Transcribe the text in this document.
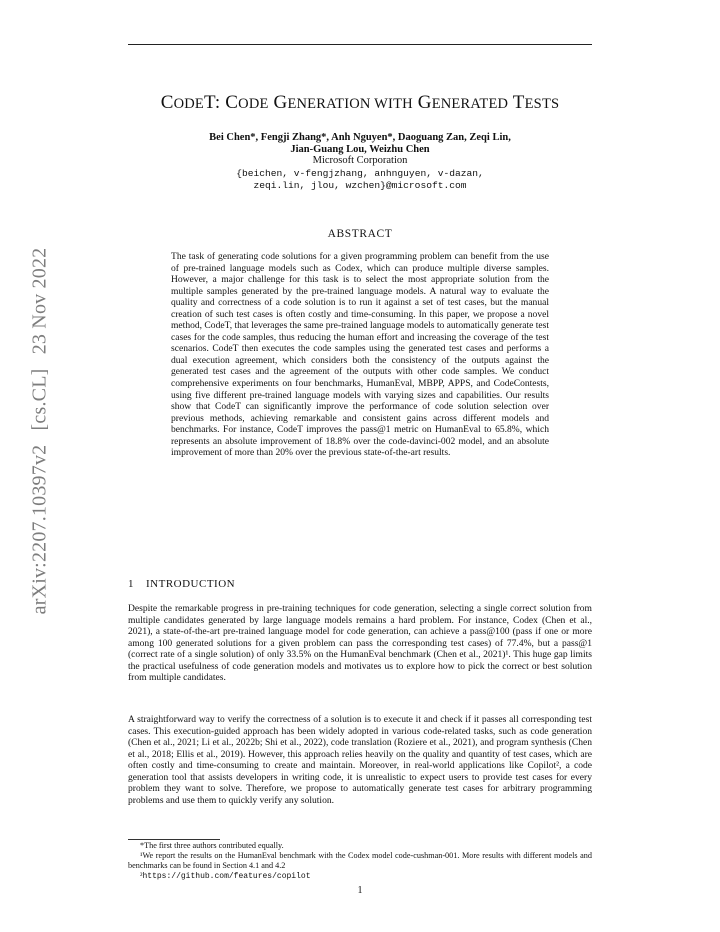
arXiv:2207.10397v2 [cs.CL] 23 Nov 2022
CODET: CODE GENERATION WITH GENERATED TESTS
Bei Chen*, Fengji Zhang*, Anh Nguyen*, Daoguang Zan, Zeqi Lin,
Jian-Guang Lou, Weizhu Chen
Microsoft Corporation
{beichen, v-fengjzhang, anhnguyen, v-dazan,
zeqi.lin, jlou, wzchen}@microsoft.com
ABSTRACT
The task of generating code solutions for a given programming problem can benefit from the use of pre-trained language models such as Codex, which can produce multiple diverse samples. However, a major challenge for this task is to select the most appropriate solution from the multiple samples generated by the pre-trained language models. A natural way to evaluate the quality and correctness of a code solution is to run it against a set of test cases, but the manual creation of such test cases is often costly and time-consuming. In this paper, we propose a novel method, CodeT, that leverages the same pre-trained language models to automatically generate test cases for the code samples, thus reducing the human effort and increasing the coverage of the test scenarios. CodeT then executes the code samples using the generated test cases and performs a dual execution agreement, which considers both the consistency of the outputs against the generated test cases and the agreement of the outputs with other code samples. We conduct comprehensive experiments on four benchmarks, HumanEval, MBPP, APPS, and CodeContests, using five different pre-trained language models with varying sizes and capabilities. Our results show that CodeT can significantly improve the performance of code solution selection over previous methods, achieving remarkable and consistent gains across different models and benchmarks. For instance, CodeT improves the pass@1 metric on HumanEval to 65.8%, which represents an absolute improvement of 18.8% over the code-davinci-002 model, and an absolute improvement of more than 20% over the previous state-of-the-art results.
1 INTRODUCTION
Despite the remarkable progress in pre-training techniques for code generation, selecting a single correct solution from multiple candidates generated by large language models remains a hard problem. For instance, Codex (Chen et al., 2021), a state-of-the-art pre-trained language model for code generation, can achieve a pass@100 (pass if one or more among 100 generated solutions for a given problem can pass the corresponding test cases) of 77.4%, but a pass@1 (correct rate of a single solution) of only 33.5% on the HumanEval benchmark (Chen et al., 2021)¹. This huge gap limits the practical usefulness of code generation models and motivates us to explore how to pick the correct or best solution from multiple candidates.
A straightforward way to verify the correctness of a solution is to execute it and check if it passes all corresponding test cases. This execution-guided approach has been widely adopted in various code-related tasks, such as code generation (Chen et al., 2021; Li et al., 2022b; Shi et al., 2022), code translation (Roziere et al., 2021), and program synthesis (Chen et al., 2018; Ellis et al., 2019). However, this approach relies heavily on the quality and quantity of test cases, which are often costly and time-consuming to create and maintain. Moreover, in real-world applications like Copilot², a code generation tool that assists developers in writing code, it is unrealistic to expect users to provide test cases for every problem they want to solve. Therefore, we propose to automatically generate test cases for arbitrary programming problems and use them to quickly verify any solution.

*The first three authors contributed equally.

¹We report the results on the HumanEval benchmark with the Codex model code-cushman-001. More results with different models and benchmarks can be found in Section 4.1 and 4.2

²https://github.com/features/copilot

1
